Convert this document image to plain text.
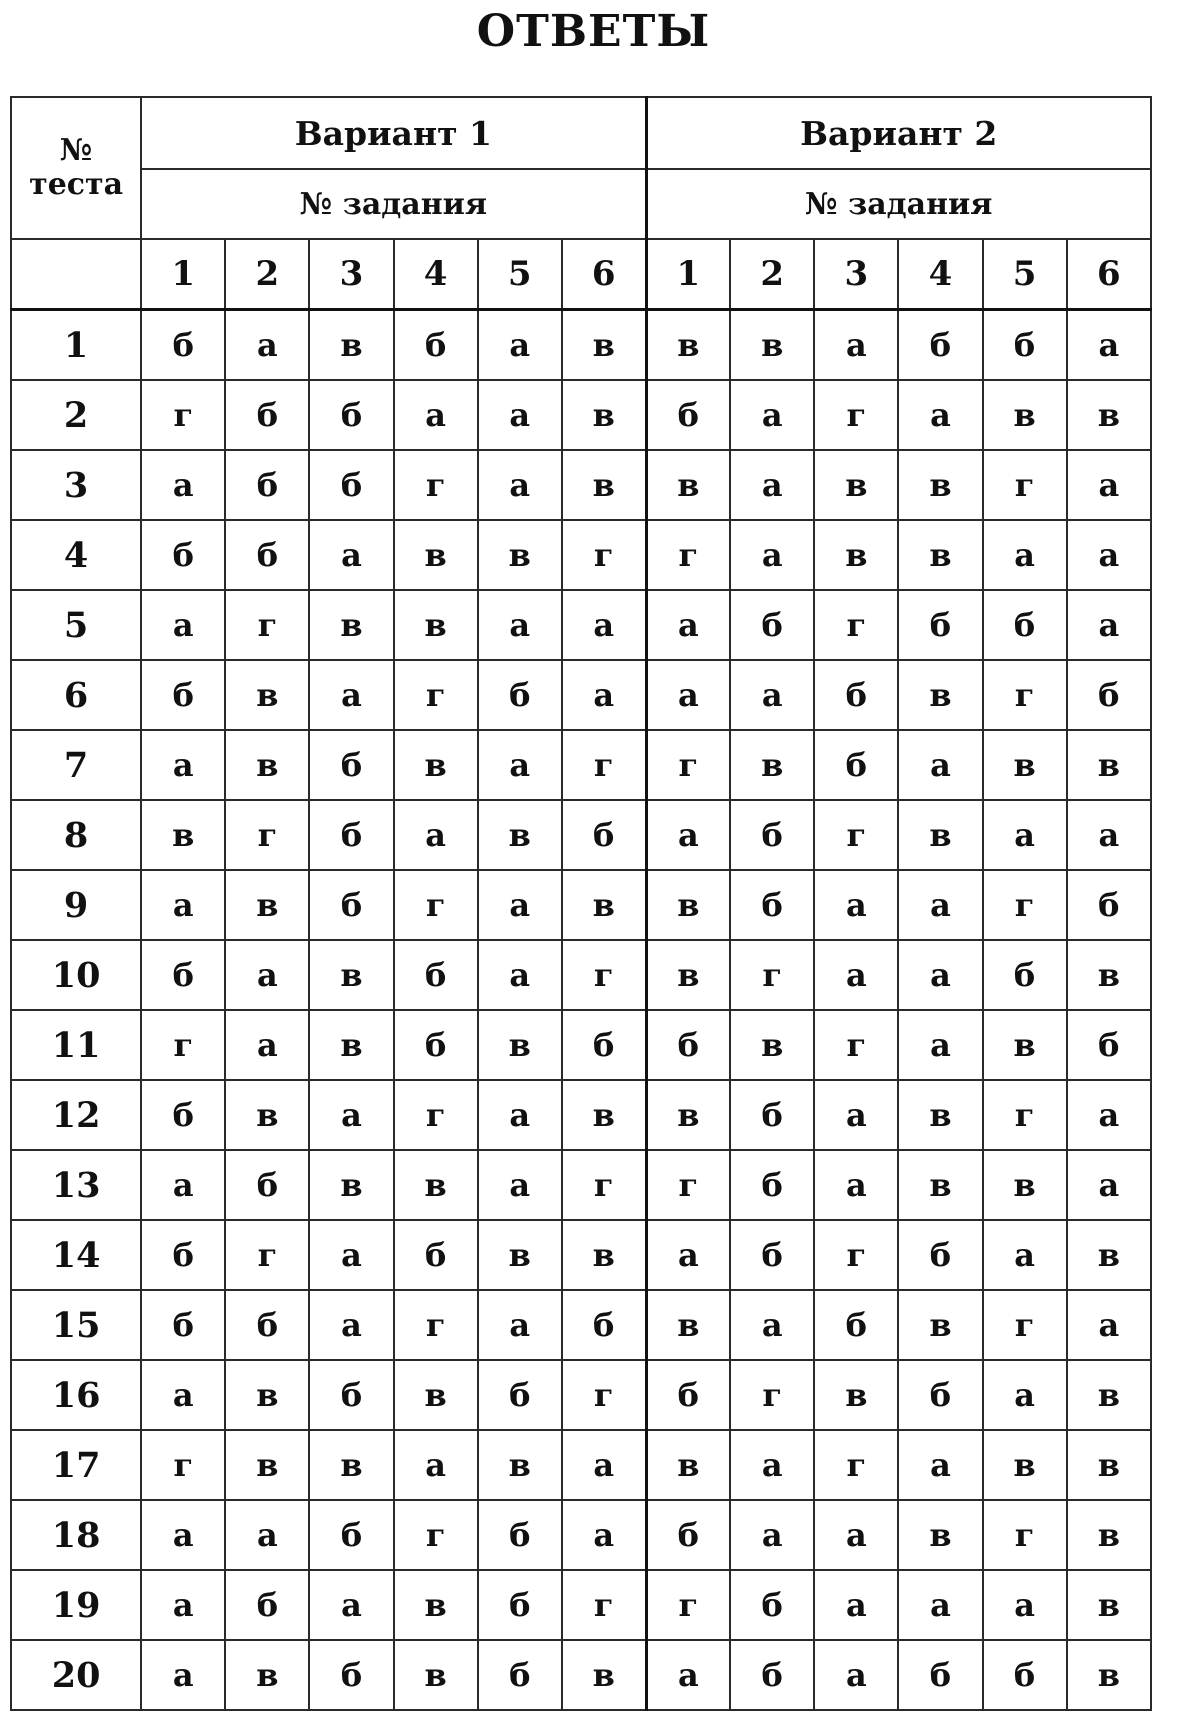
ОТВЕТЫ
№
теста	Вариант 1						Вариант 2					
	№ задания						№ задания					
	1	2	3	4	5	6	1	2	3	4	5	6
1	б	а	в	б	а	в	в	в	а	б	б	а
2	г	б	б	а	а	в	б	а	г	а	в	в
3	а	б	б	г	а	в	в	а	в	в	г	а
4	б	б	а	в	в	г	г	а	в	в	а	а
5	а	г	в	в	а	а	а	б	г	б	б	а
6	б	в	а	г	б	а	а	а	б	в	г	б
7	а	в	б	в	а	г	г	в	б	а	в	в
8	в	г	б	а	в	б	а	б	г	в	а	а
9	а	в	б	г	а	в	в	б	а	а	г	б
10	б	а	в	б	а	г	в	г	а	а	б	в
11	г	а	в	б	в	б	б	в	г	а	в	б
12	б	в	а	г	а	в	в	б	а	в	г	а
13	а	б	в	в	а	г	г	б	а	в	в	а
14	б	г	а	б	в	в	а	б	г	б	а	в
15	б	б	а	г	а	б	в	а	б	в	г	а
16	а	в	б	в	б	г	б	г	в	б	а	в
17	г	в	в	а	в	а	в	а	г	а	в	в
18	а	а	б	г	б	а	б	а	а	в	г	в
19	а	б	а	в	б	г	г	б	а	а	а	в
20	а	в	б	в	б	в	а	б	а	б	б	в
